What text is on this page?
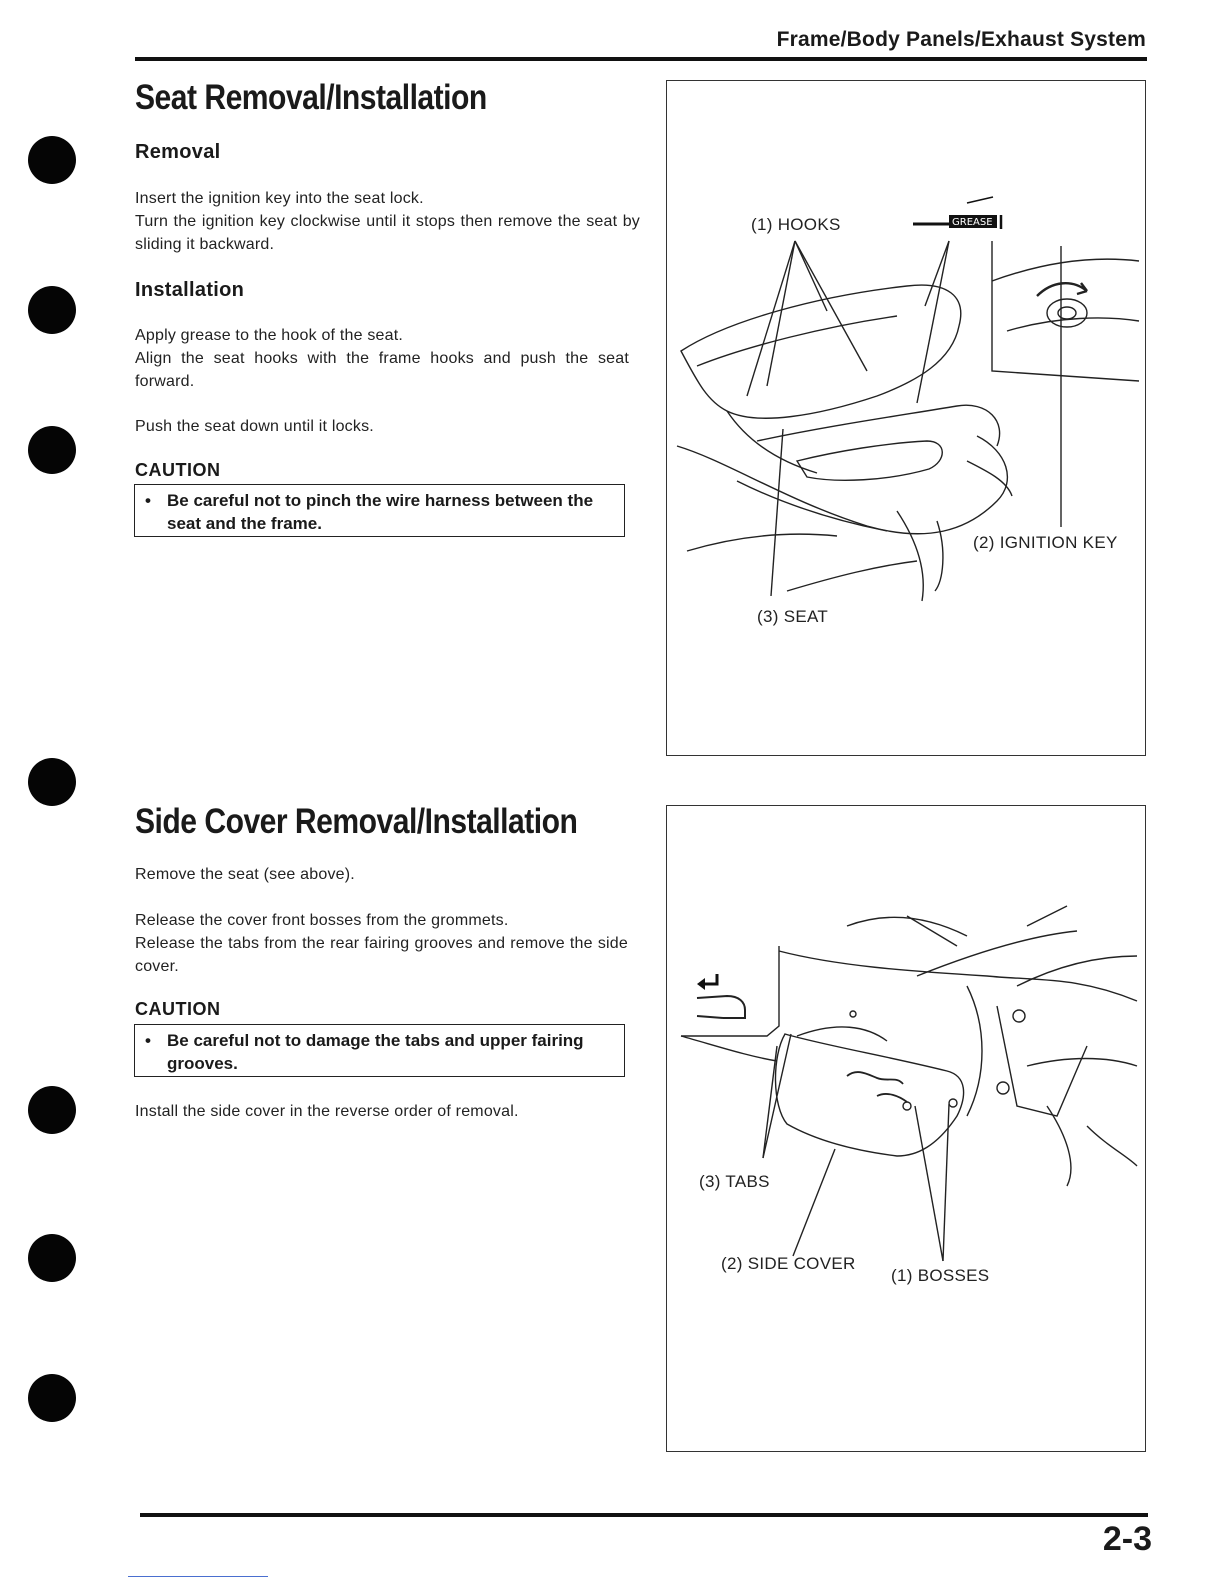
Frame/Body Panels/Exhaust System
Seat Removal/Installation
Removal

Insert the ignition key into the seat lock.

Turn the ignition key clockwise until it stops then remove the seat by sliding it backward.

Installation

Apply grease to the hook of the seat.

Align the seat hooks with the frame hooks and push the seat forward.

Push the seat down until it locks.
CAUTION
• Be careful not to pinch the wire harness between the seat and the frame.
GREASE
(1) HOOKS
(2) IGNITION KEY
(3) SEAT
Side Cover Removal/Installation
Remove the seat (see above).

Release the cover front bosses from the grommets.

Release the tabs from the rear fairing grooves and remove the side cover.

CAUTION
• Be careful not to damage the tabs and upper fairing grooves.
Install the side cover in the reverse order of removal.
(3) TABS
(2) SIDE COVER
(1) BOSSES
2-3
